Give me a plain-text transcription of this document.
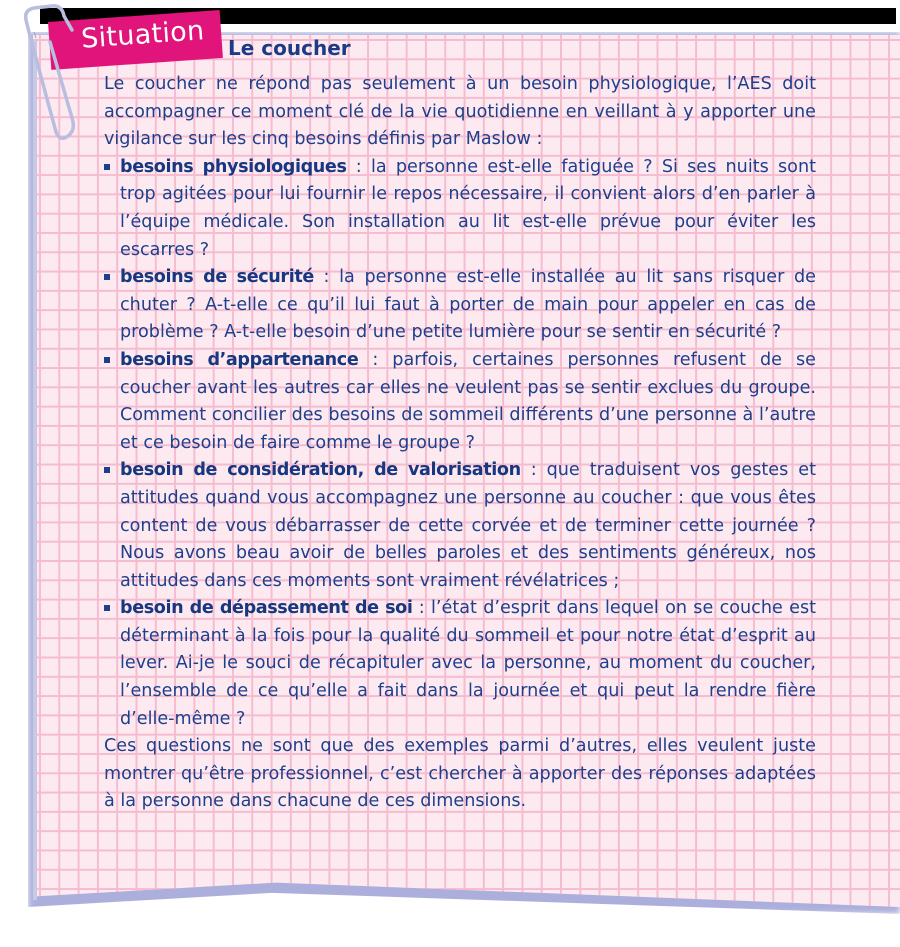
Situation Le coucher

Le coucher ne répond pas seulement à un besoin physiologique, l’AES doit accompagner ce moment clé de la vie quotidienne en veillant à y apporter une vigilance sur les cinq besoins définis par Maslow :

besoins physiologiques : la personne est-elle fatiguée ? Si ses nuits sont trop agitées pour lui fournir le repos nécessaire, il convient alors d’en parler à l’équipe médicale. Son installation au lit est-elle prévue pour éviter les escarres ?
besoins de sécurité : la personne est-elle installée au lit sans risquer de chuter ? A-t-elle ce qu’il lui faut à porter de main pour appeler en cas de problème ? A-t-elle besoin d’une petite lumière pour se sentir en sécurité ?
besoins d’appartenance : parfois, certaines personnes refusent de se coucher avant les autres car elles ne veulent pas se sentir exclues du groupe. Comment concilier des besoins de sommeil différents d’une personne à l’autre et ce besoin de faire comme le groupe ?
besoin de considération, de valorisation : que traduisent vos gestes et attitudes quand vous accompagnez une personne au coucher : que vous êtes content de vous débarrasser de cette corvée et de terminer cette journée ? Nous avons beau avoir de belles paroles et des sentiments généreux, nos attitudes dans ces moments sont vraiment révélatrices ;
besoin de dépassement de soi : l’état d’esprit dans lequel on se couche est déterminant à la fois pour la qualité du sommeil et pour notre état d’esprit au lever. Ai-je le souci de récapituler avec la personne, au moment du coucher, l’ensemble de ce qu’elle a fait dans la journée et qui peut la rendre fière d’elle-même ?

Ces questions ne sont que des exemples parmi d’autres, elles veulent juste montrer qu’être professionnel, c’est chercher à apporter des réponses adaptées à la personne dans chacune de ces dimensions.
